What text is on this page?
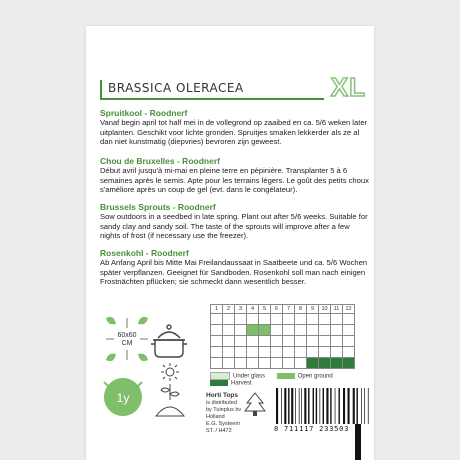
BRASSICA OLERACEA	XL
Spruitkool - Roodnerf

Vanaf begin april tot half mei in de vollegrond op zaaibed en ca. 5/6 weken later uitplanten. Geschikt voor lichte gronden. Spruitjes smaken lekkerder als ze al dan niet kunstmatig (diepvries) bevroren zijn geweest.

Chou de Bruxelles - Roodnerf

Début avril jusqu'à mi-mai en pleine terre en pépinière. Transplanter 5 à 6 semaines après le semis. Apte pour les terrains légers. Le goût des petits choux s'améliore après un coup de gel (evt. dans le congélateur).

Brussels Sprouts - Roodnerf

Sow outdoors in a seedbed in late spring. Plant out after 5/6 weeks. Suitable for sandy clay and sandy soil. The taste of the sprouts will improve after a few nights of frost (if necessary use the freezer).

Rosenkohl - Roodnerf

Ab Anfang April bis Mitte Mai Freilandaussaat in Saatbeete und ca. 5/6 Wochen später verpflanzen. Geeignet für Sandboden. Rosenkohl soll man nach einigen Frostnächten pflücken; sie schmeckt dann wesentlich besser.

60x60
CM
1y
1	2	3	4	5	6	7	8	9	10	11	12

Under glass	Open ground Harvest
Horti Tops
is distributed
by Tuinplus bv
Holland
E.G. Systeem
ST. / H472	8 711117 233503
